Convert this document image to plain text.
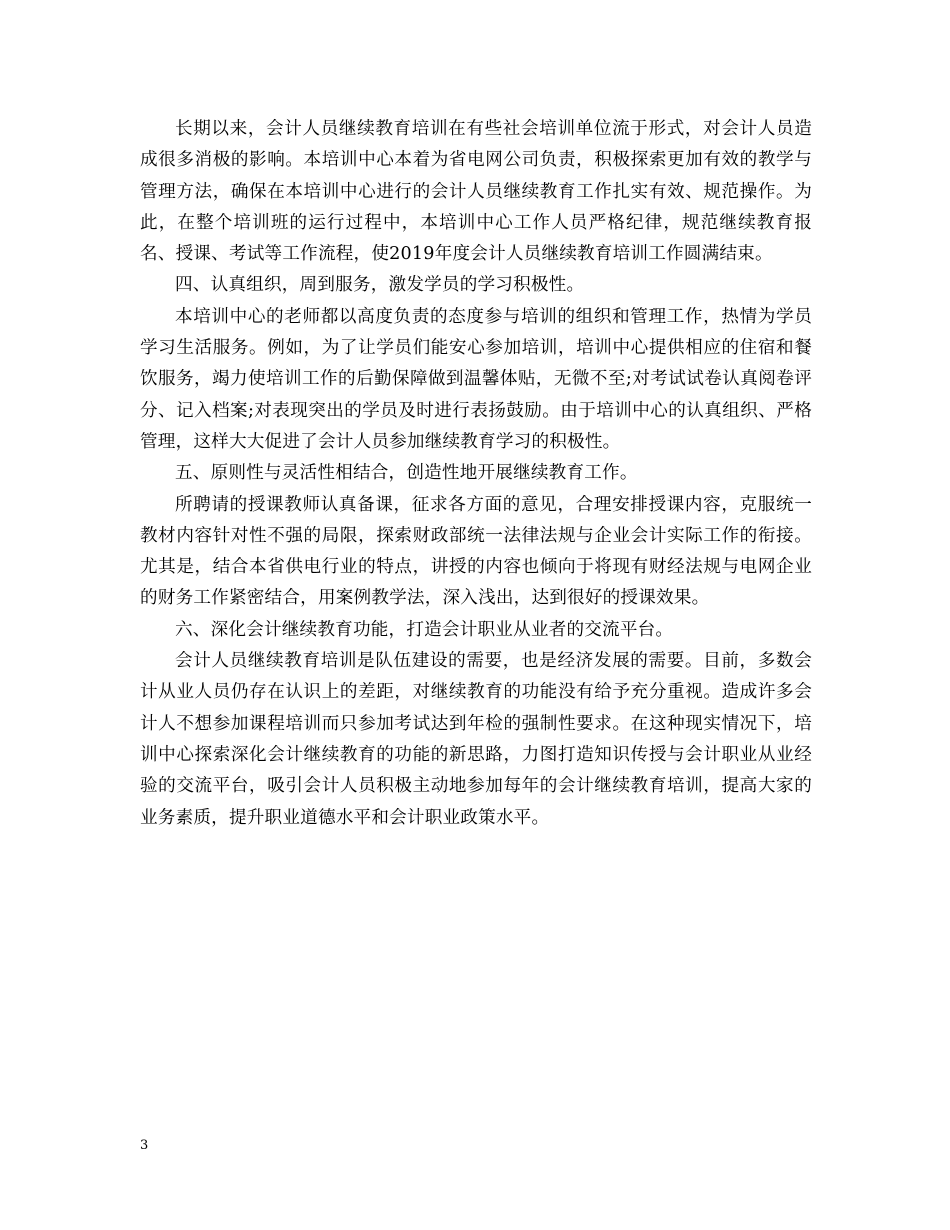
长期以来，会计人员继续教育培训在有些社会培训单位流于形式，对会计人员造成很多消极的影响。本培训中心本着为省电网公司负责，积极探索更加有效的教学与管理方法，确保在本培训中心进行的会计人员继续教育工作扎实有效、规范操作。为此，在整个培训班的运行过程中，本培训中心工作人员严格纪律，规范继续教育报名、授课、考试等工作流程，使2019年度会计人员继续教育培训工作圆满结束。

四、认真组织，周到服务，激发学员的学习积极性。

本培训中心的老师都以高度负责的态度参与培训的组织和管理工作，热情为学员学习生活服务。例如，为了让学员们能安心参加培训，培训中心提供相应的住宿和餐饮服务，竭力使培训工作的后勤保障做到温馨体贴，无微不至;对考试试卷认真阅卷评分、记入档案;对表现突出的学员及时进行表扬鼓励。由于培训中心的认真组织、严格管理，这样大大促进了会计人员参加继续教育学习的积极性。

五、原则性与灵活性相结合，创造性地开展继续教育工作。

所聘请的授课教师认真备课，征求各方面的意见，合理安排授课内容，克服统一教材内容针对性不强的局限，探索财政部统一法律法规与企业会计实际工作的衔接。尤其是，结合本省供电行业的特点，讲授的内容也倾向于将现有财经法规与电网企业的财务工作紧密结合，用案例教学法，深入浅出，达到很好的授课效果。

六、深化会计继续教育功能，打造会计职业从业者的交流平台。

会计人员继续教育培训是队伍建设的需要，也是经济发展的需要。目前，多数会计从业人员仍存在认识上的差距，对继续教育的功能没有给予充分重视。造成许多会计人不想参加课程培训而只参加考试达到年检的强制性要求。在这种现实情况下，培训中心探索深化会计继续教育的功能的新思路，力图打造知识传授与会计职业从业经验的交流平台，吸引会计人员积极主动地参加每年的会计继续教育培训，提高大家的业务素质，提升职业道德水平和会计职业政策水平。

3
